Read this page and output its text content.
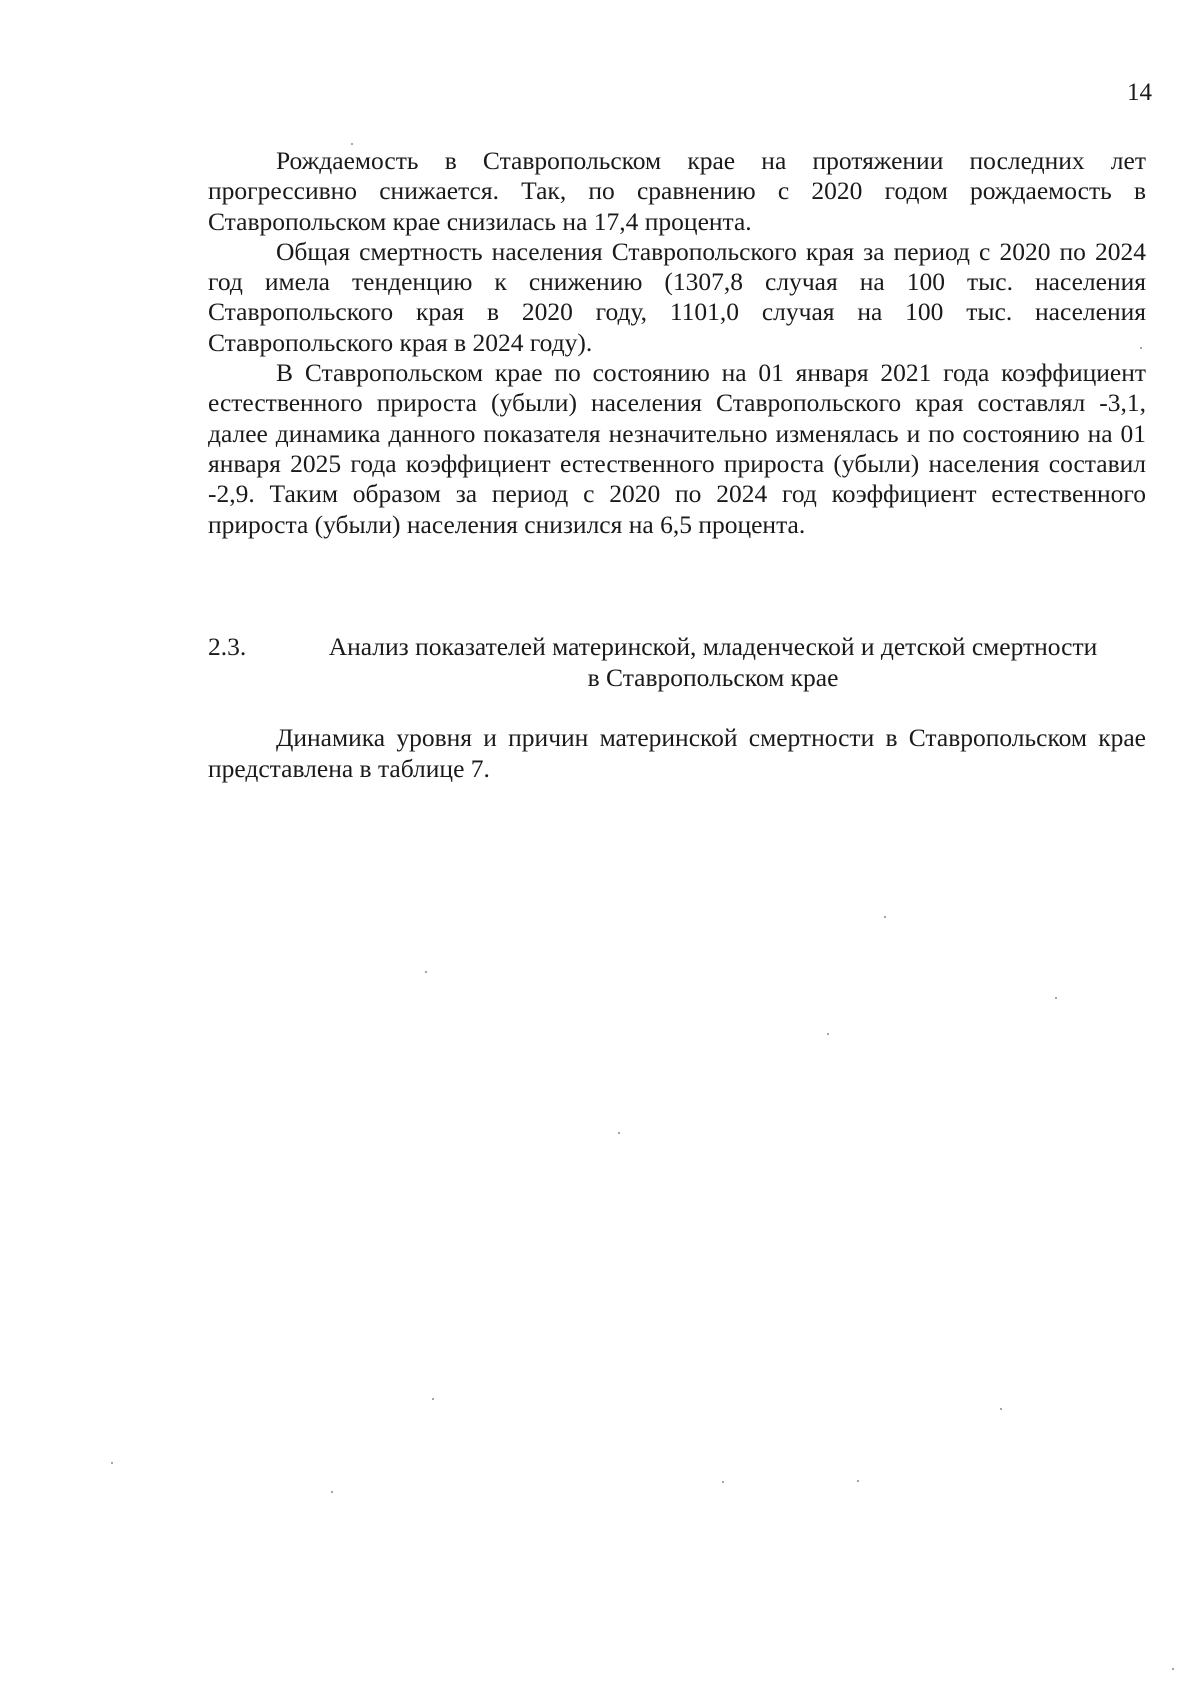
14

Рождаемость в Ставропольском крае на протяжении последних лет прогрессивно снижается. Так, по сравнению с 2020 годом рождаемость в Ставропольском крае снизилась на 17,4 процента.

Общая смертность населения Ставропольского края за период с 2020 по 2024 год имела тенденцию к снижению (1307,8 случая на 100 тыс. населения Ставропольского края в 2020 году, 1101,0 случая на 100 тыс. населения Ставропольского края в 2024 году).

В Ставропольском крае по состоянию на 01 января 2021 года коэффициент естественного прироста (убыли) населения Ставропольского края составлял -3,1, далее динамика данного показателя незначительно изменялась и по состоянию на 01 января 2025 года коэффициент естественного прироста (убыли) населения составил -2,9. Таким образом за период с 2020 по 2024 год коэффициент естественного прироста (убыли) населения снизился на 6,5 процента.

2.3.	Анализ показателей материнской, младенческой и детской смертности
в Ставропольском крае

Динамика уровня и причин материнской смертности в Ставропольском крае представлена в таблице 7.
